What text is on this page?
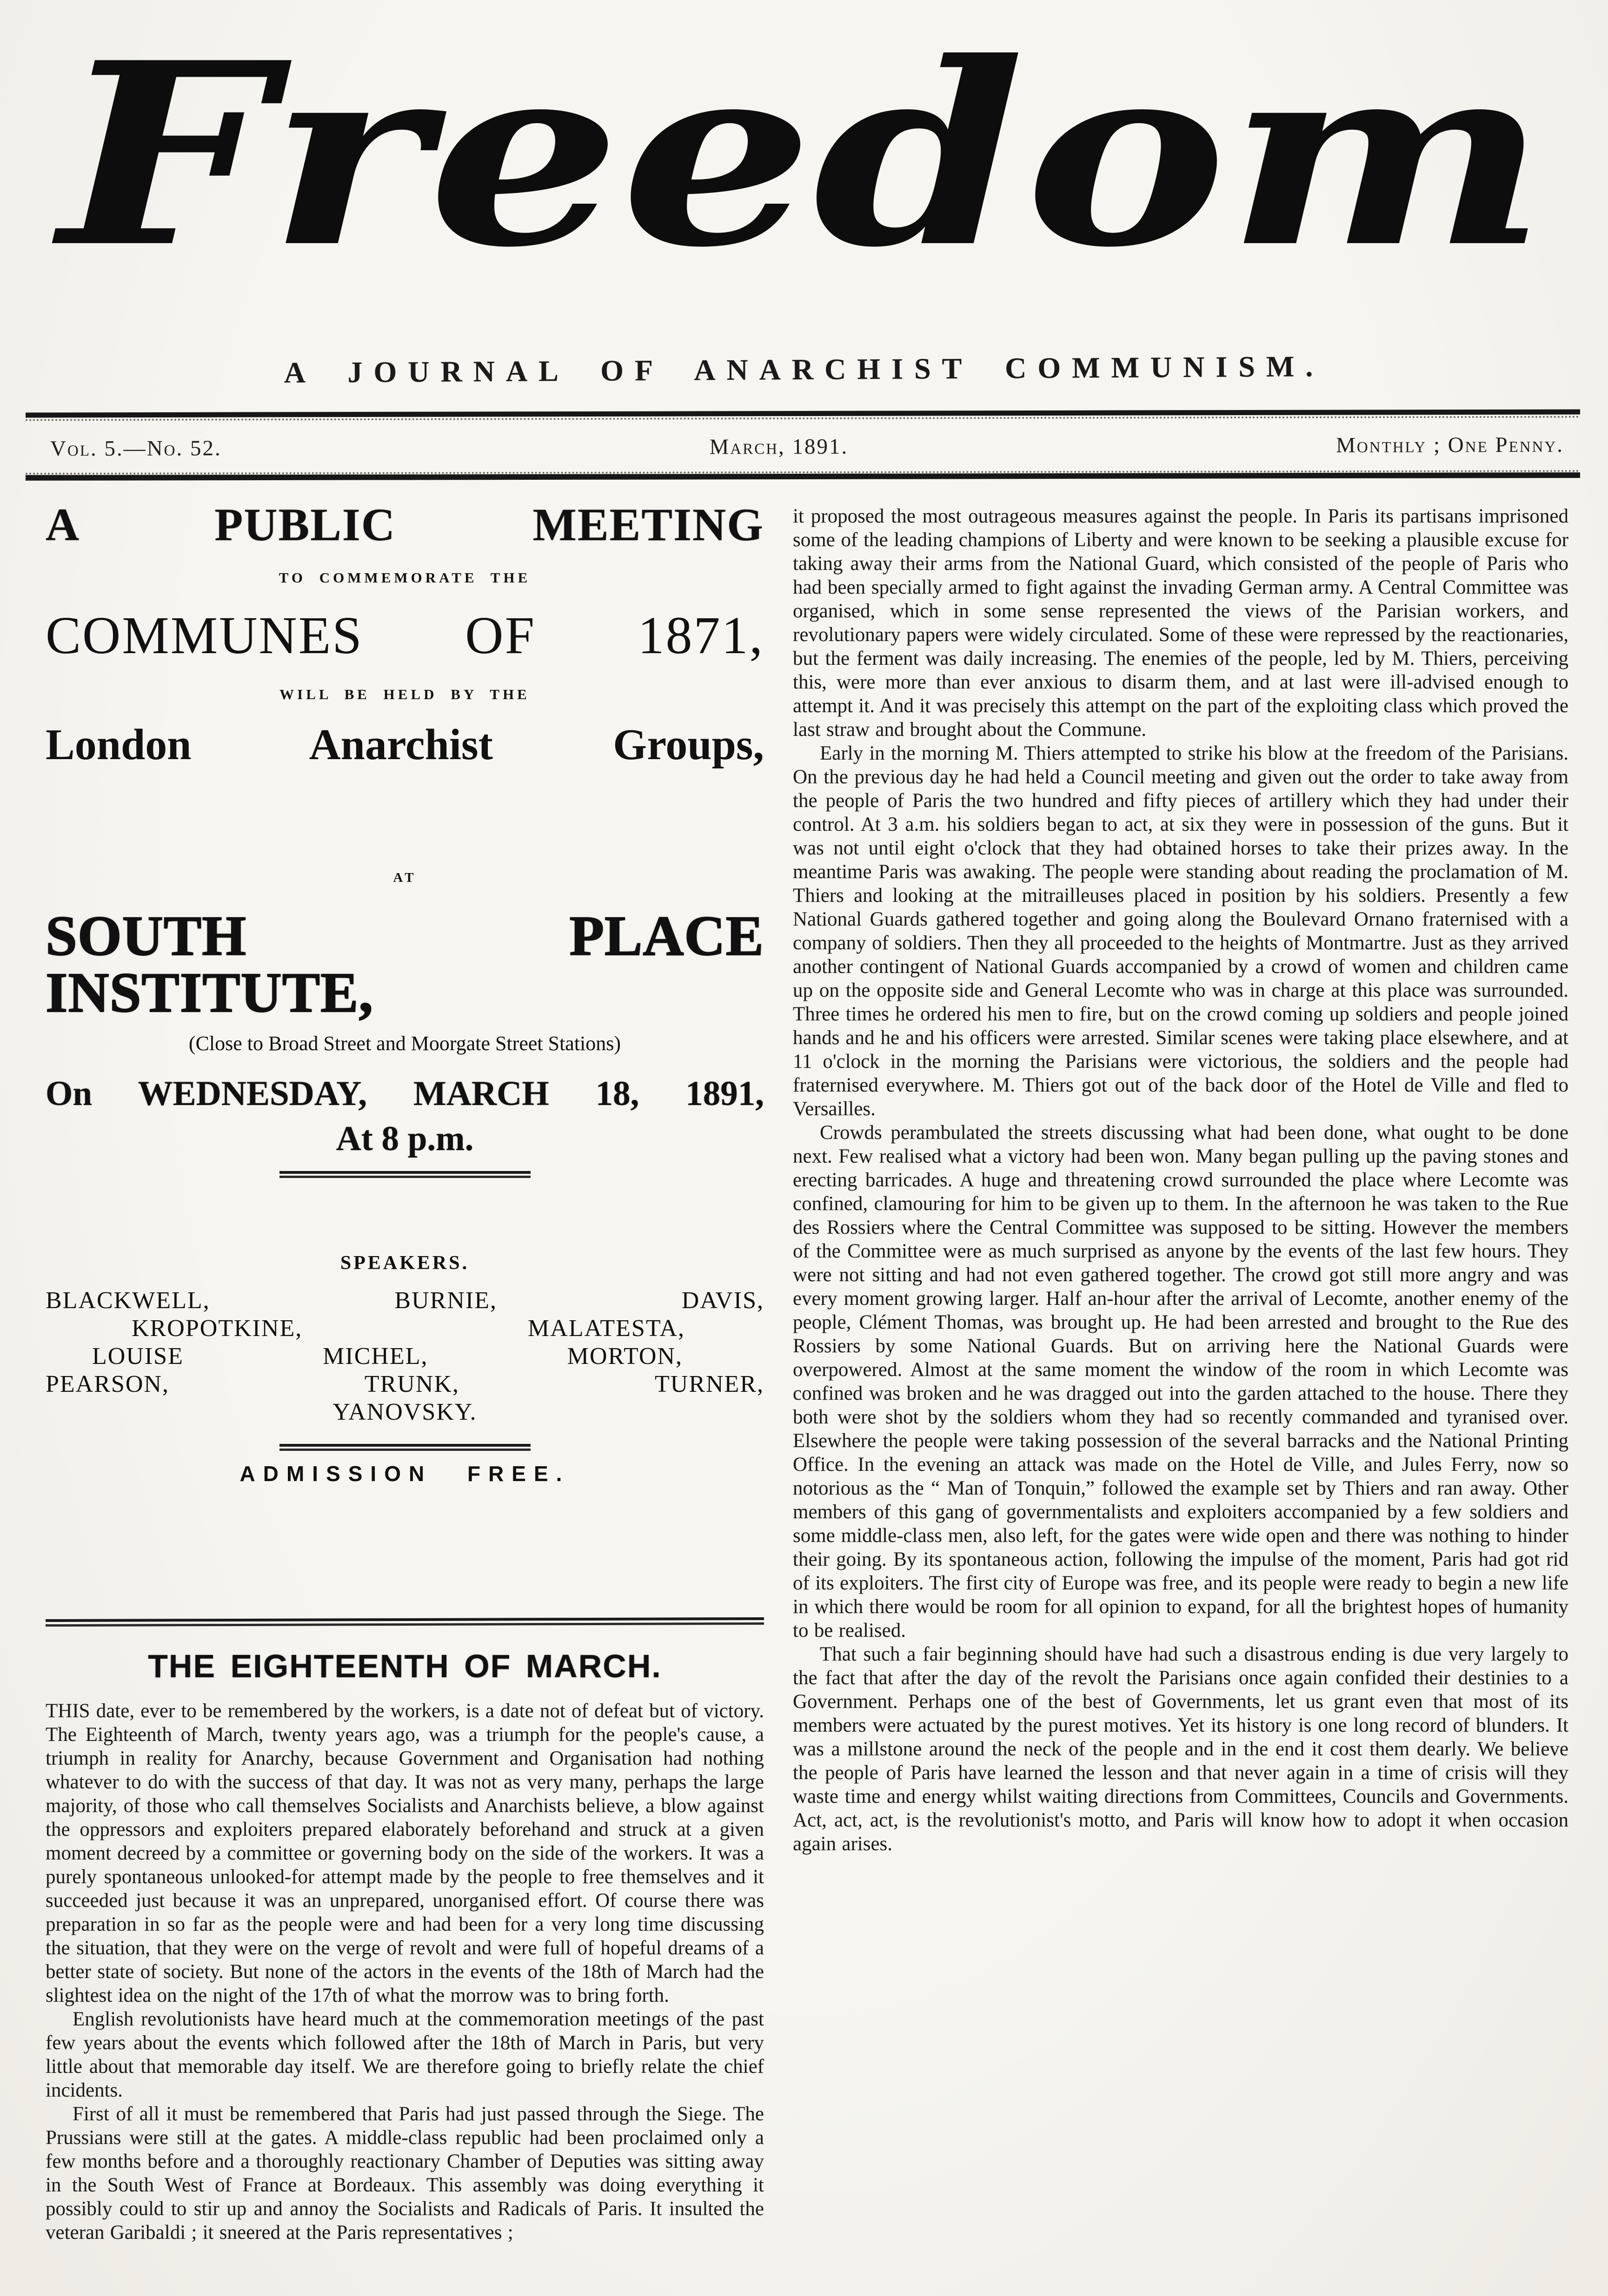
Freedom
A JOURNAL OF ANARCHIST COMMUNISM.
Vol. 5.—No. 52.	March, 1891.	Monthly ; One Penny.
A PUBLIC MEETING
TO COMMEMORATE THE
COMMUNES OF 1871,
WILL BE HELD BY THE
London Anarchist Groups,
AT
SOUTH PLACE INSTITUTE,
(Close to Broad Street and Moorgate Street Stations)
On WEDNESDAY, MARCH 18, 1891,
At 8 p.m.
SPEAKERS.
BLACKWELL, BURNIE, DAVIS,
KROPOTKINE, MALATESTA,
LOUISE MICHEL, MORTON,
PEARSON, TRUNK, TURNER,
YANOVSKY.
ADMISSION FREE.
THE EIGHTEENTH OF MARCH.

THIS date, ever to be remembered by the workers, is a date not of defeat but of victory. The Eighteenth of March, twenty years ago, was a triumph for the people's cause, a triumph in reality for Anarchy, because Government and Organisation had nothing whatever to do with the success of that day. It was not as very many, perhaps the large majority, of those who call themselves Socialists and Anarchists believe, a blow against the oppressors and exploiters prepared elaborately beforehand and struck at a given moment decreed by a committee or governing body on the side of the workers. It was a purely spontaneous unlooked-for attempt made by the people to free themselves and it succeeded just because it was an unprepared, unorganised effort. Of course there was preparation in so far as the people were and had been for a very long time discussing the situation, that they were on the verge of revolt and were full of hopeful dreams of a better state of society. But none of the actors in the events of the 18th of March had the slightest idea on the night of the 17th of what the morrow was to bring forth.

English revolutionists have heard much at the commemoration meetings of the past few years about the events which followed after the 18th of March in Paris, but very little about that memorable day itself. We are therefore going to briefly relate the chief incidents.

First of all it must be remembered that Paris had just passed through the Siege. The Prussians were still at the gates. A middle-class republic had been proclaimed only a few months before and a thoroughly reactionary Chamber of Deputies was sitting away in the South West of France at Bordeaux. This assembly was doing everything it possibly could to stir up and annoy the Socialists and Radicals of Paris. It insulted the veteran Garibaldi ; it sneered at the Paris representatives ;

it proposed the most outrageous measures against the people. In Paris its partisans imprisoned some of the leading champions of Liberty and were known to be seeking a plausible excuse for taking away their arms from the National Guard, which consisted of the people of Paris who had been specially armed to fight against the invading German army. A Central Committee was organised, which in some sense represented the views of the Parisian workers, and revolutionary papers were widely circulated. Some of these were repressed by the reactionaries, but the ferment was daily increasing. The enemies of the people, led by M. Thiers, perceiving this, were more than ever anxious to disarm them, and at last were ill-advised enough to attempt it. And it was precisely this attempt on the part of the exploiting class which proved the last straw and brought about the Commune.

Early in the morning M. Thiers attempted to strike his blow at the freedom of the Parisians. On the previous day he had held a Council meeting and given out the order to take away from the people of Paris the two hundred and fifty pieces of artillery which they had under their control. At 3 a.m. his soldiers began to act, at six they were in possession of the guns. But it was not until eight o'clock that they had obtained horses to take their prizes away. In the meantime Paris was awaking. The people were standing about reading the proclamation of M. Thiers and looking at the mitrailleuses placed in position by his soldiers. Presently a few National Guards gathered together and going along the Boulevard Ornano fraternised with a company of soldiers. Then they all proceeded to the heights of Montmartre. Just as they arrived another contingent of National Guards accompanied by a crowd of women and children came up on the opposite side and General Lecomte who was in charge at this place was surrounded. Three times he ordered his men to fire, but on the crowd coming up soldiers and people joined hands and he and his officers were arrested. Similar scenes were taking place elsewhere, and at 11 o'clock in the morning the Parisians were victorious, the soldiers and the people had fraternised everywhere. M. Thiers got out of the back door of the Hotel de Ville and fled to Versailles.

Crowds perambulated the streets discussing what had been done, what ought to be done next. Few realised what a victory had been won. Many began pulling up the paving stones and erecting barricades. A huge and threatening crowd surrounded the place where Lecomte was confined, clamouring for him to be given up to them. In the afternoon he was taken to the Rue des Rossiers where the Central Committee was supposed to be sitting. However the members of the Committee were as much surprised as anyone by the events of the last few hours. They were not sitting and had not even gathered together. The crowd got still more angry and was every moment growing larger. Half an-hour after the arrival of Lecomte, another enemy of the people, Clément Thomas, was brought up. He had been arrested and brought to the Rue des Rossiers by some National Guards. But on arriving here the National Guards were overpowered. Almost at the same moment the window of the room in which Lecomte was confined was broken and he was dragged out into the garden attached to the house. There they both were shot by the soldiers whom they had so recently commanded and tyranised over. Elsewhere the people were taking possession of the several barracks and the National Printing Office. In the evening an attack was made on the Hotel de Ville, and Jules Ferry, now so notorious as the “ Man of Tonquin,” followed the example set by Thiers and ran away. Other members of this gang of governmentalists and exploiters accompanied by a few soldiers and some middle-class men, also left, for the gates were wide open and there was nothing to hinder their going. By its spontaneous action, following the impulse of the moment, Paris had got rid of its exploiters. The first city of Europe was free, and its people were ready to begin a new life in which there would be room for all opinion to expand, for all the brightest hopes of humanity to be realised.

That such a fair beginning should have had such a disastrous ending is due very largely to the fact that after the day of the revolt the Parisians once again confided their destinies to a Government. Perhaps one of the best of Governments, let us grant even that most of its members were actuated by the purest motives. Yet its history is one long record of blunders. It was a millstone around the neck of the people and in the end it cost them dearly. We believe the people of Paris have learned the lesson and that never again in a time of crisis will they waste time and energy whilst waiting directions from Committees, Councils and Governments. Act, act, act, is the revolutionist's motto, and Paris will know how to adopt it when occasion again arises.
